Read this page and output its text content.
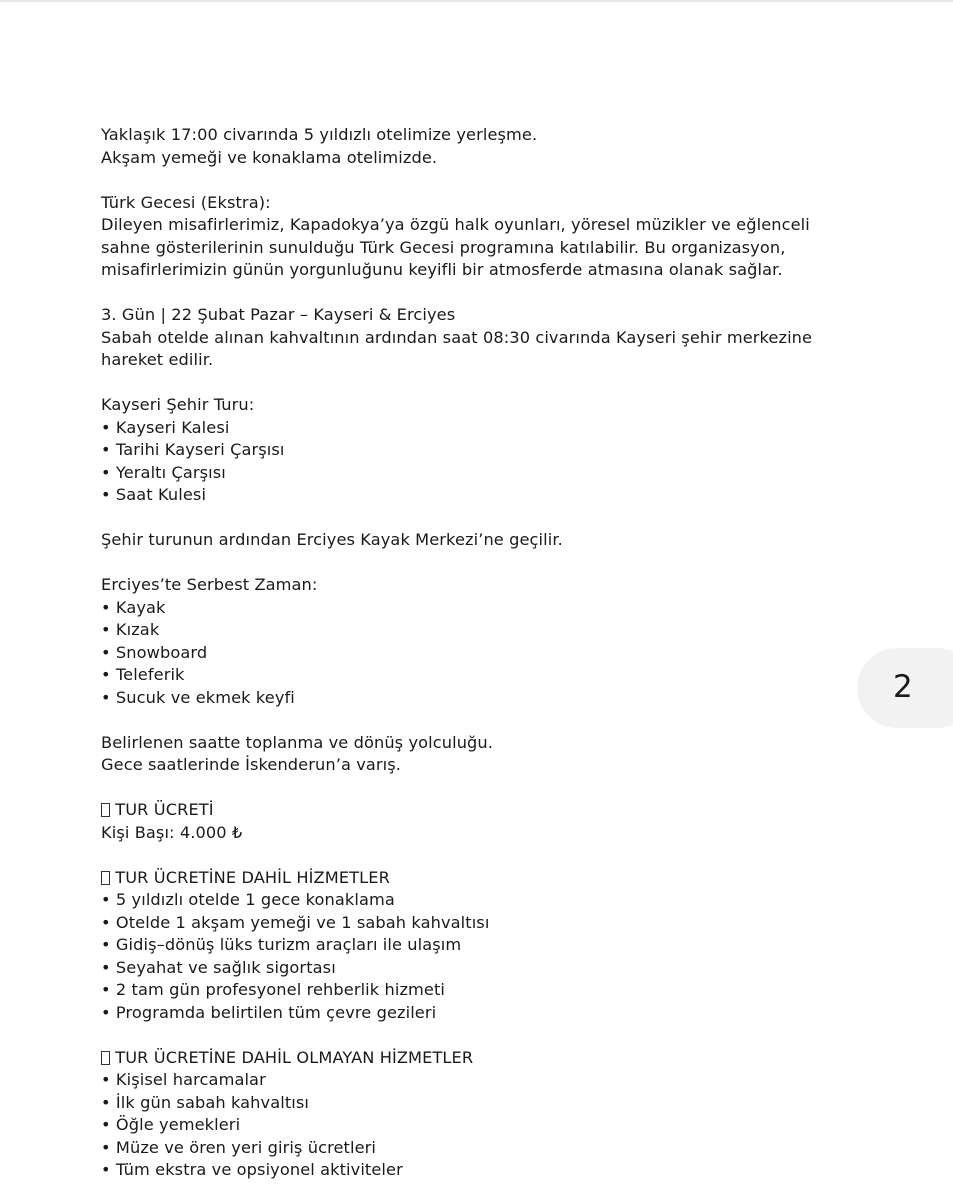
Yaklaşık 17:00 civarında 5 yıldızlı otelimize yerleşme.
Akşam yemeği ve konaklama otelimizde.
Türk Gecesi (Ekstra):
Dileyen misafirlerimiz, Kapadokya’ya özgü halk oyunları, yöresel müzikler ve eğlenceli
sahne gösterilerinin sunulduğu Türk Gecesi programına katılabilir. Bu organizasyon,
misafirlerimizin günün yorgunluğunu keyifli bir atmosferde atmasına olanak sağlar.
3. Gün | 22 Şubat Pazar – Kayseri & Erciyes
Sabah otelde alınan kahvaltının ardından saat 08:30 civarında Kayseri şehir merkezine
hareket edilir.
Kayseri Şehir Turu:
• Kayseri Kalesi
• Tarihi Kayseri Çarşısı
• Yeraltı Çarşısı
• Saat Kulesi
Şehir turunun ardından Erciyes Kayak Merkezi’ne geçilir.
Erciyes’te Serbest Zaman:
• Kayak
• Kızak
• Snowboard
• Teleferik
• Sucuk ve ekmek keyfi
Belirlenen saatte toplanma ve dönüş yolculuğu.
Gece saatlerinde İskenderun’a varış.
TUR ÜCRETİ
Kişi Başı: 4.000 ₺
TUR ÜCRETİNE DAHİL HİZMETLER
• 5 yıldızlı otelde 1 gece konaklama
• Otelde 1 akşam yemeği ve 1 sabah kahvaltısı
• Gidiş–dönüş lüks turizm araçları ile ulaşım
• Seyahat ve sağlık sigortası
• 2 tam gün profesyonel rehberlik hizmeti
• Programda belirtilen tüm çevre gezileri
TUR ÜCRETİNE DAHİL OLMAYAN HİZMETLER
• Kişisel harcamalar
• İlk gün sabah kahvaltısı
• Öğle yemekleri
• Müze ve ören yeri giriş ücretleri
• Tüm ekstra ve opsiyonel aktiviteler
2
